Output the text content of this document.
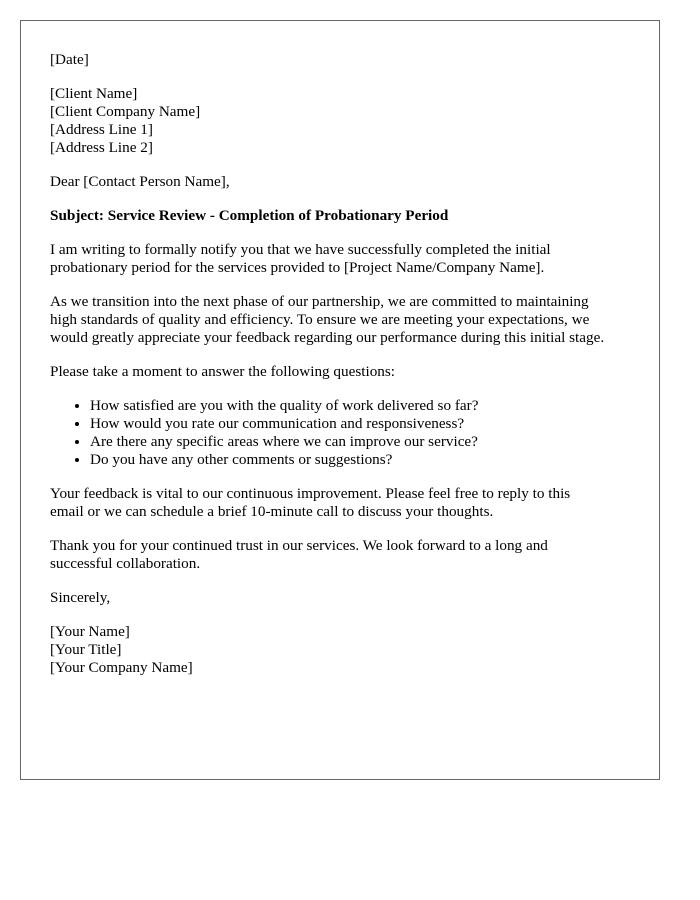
[Date]
[Client Name]
[Client Company Name]
[Address Line 1]
[Address Line 2]
Dear [Contact Person Name],
Subject: Service Review - Completion of Probationary Period

I am writing to formally notify you that we have successfully completed the initial
probationary period for the services provided to [Project Name/Company Name].

As we transition into the next phase of our partnership, we are committed to maintaining
high standards of quality and efficiency. To ensure we are meeting your expectations, we
would greatly appreciate your feedback regarding our performance during this initial stage.

Please take a moment to answer the following questions:

• How satisfied are you with the quality of work delivered so far?
• How would you rate our communication and responsiveness?
• Are there any specific areas where we can improve our service?
• Do you have any other comments or suggestions?

Your feedback is vital to our continuous improvement. Please feel free to reply to this
email or we can schedule a brief 10-minute call to discuss your thoughts.

Thank you for your continued trust in our services. We look forward to a long and
successful collaboration.

Sincerely,
[Your Name]
[Your Title]
[Your Company Name]
